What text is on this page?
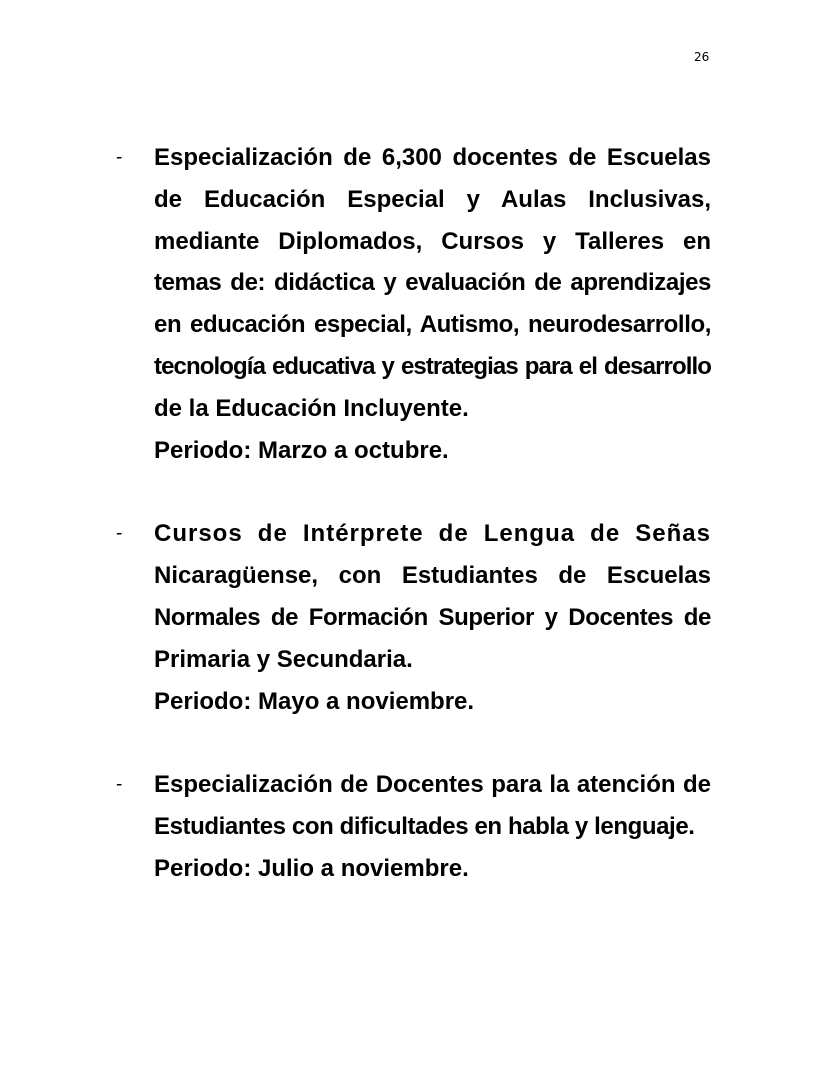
26
- Especialización de 6,300 docentes de Escuelas
de Educación Especial y Aulas Inclusivas,
mediante Diplomados, Cursos y Talleres en
temas de: didáctica y evaluación de aprendizajes
en educación especial, Autismo, neurodesarrollo,
tecnología educativa y estrategias para el desarrollo
de la Educación Incluyente.
Periodo: Marzo a octubre.
- Cursos de Intérprete de Lengua de Señas
Nicaragüense, con Estudiantes de Escuelas
Normales de Formación Superior y Docentes de
Primaria y Secundaria.
Periodo: Mayo a noviembre.
- Especialización de Docentes para la atención de
Estudiantes con dificultades en habla y lenguaje.
Periodo: Julio a noviembre.
